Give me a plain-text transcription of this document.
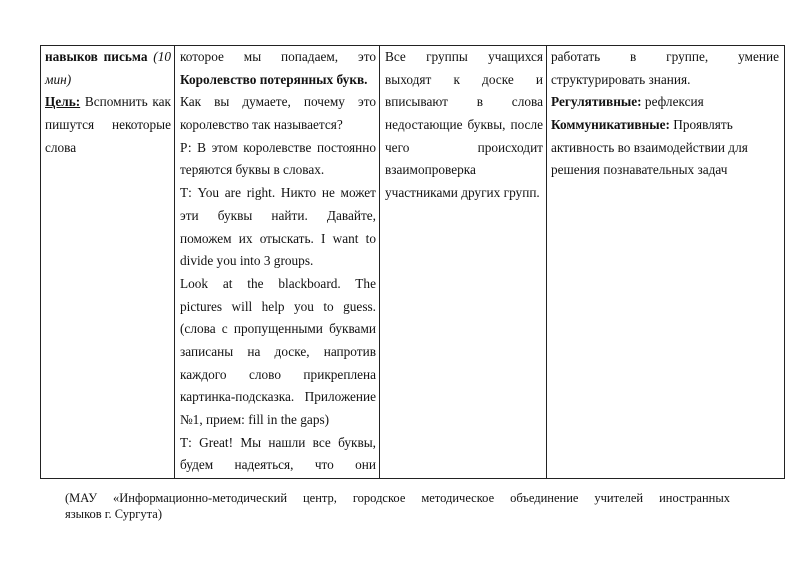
навыков письма (10
мин)
Цель: Вспомнить как
пишутся некоторые
слова
которое мы попадаем, это
Королевство потерянных букв.
Как вы думаете, почему это
королевство так называется?
Р: В этом королевстве постоянно
теряются буквы в словах.
Т: You are right. Никто не может
эти буквы найти. Давайте,
поможем их отыскать. I want to
divide you into 3 groups.
Look at the blackboard. The
pictures will help you to guess.
(слова с пропущенными буквами
записаны на доске, напротив
каждого слово прикреплена
картинка-подсказка. Приложение
№1, прием: fill in the gaps)
Т: Great! Мы нашли все буквы,
будем надеяться, что они
Все группы учащихся
выходят к доске и
вписывают в слова
недостающие буквы, после
чего происходит
взаимопроверка
участниками других групп.
работать в группе, умение
структурировать знания.
Регулятивные: рефлексия
Коммуникативные: Проявлять
активность во взаимодействии для
решения познавательных задач
(МАУ «Информационно-методический центр, городское методическое объединение учителей иностранных
языков г. Сургута)
